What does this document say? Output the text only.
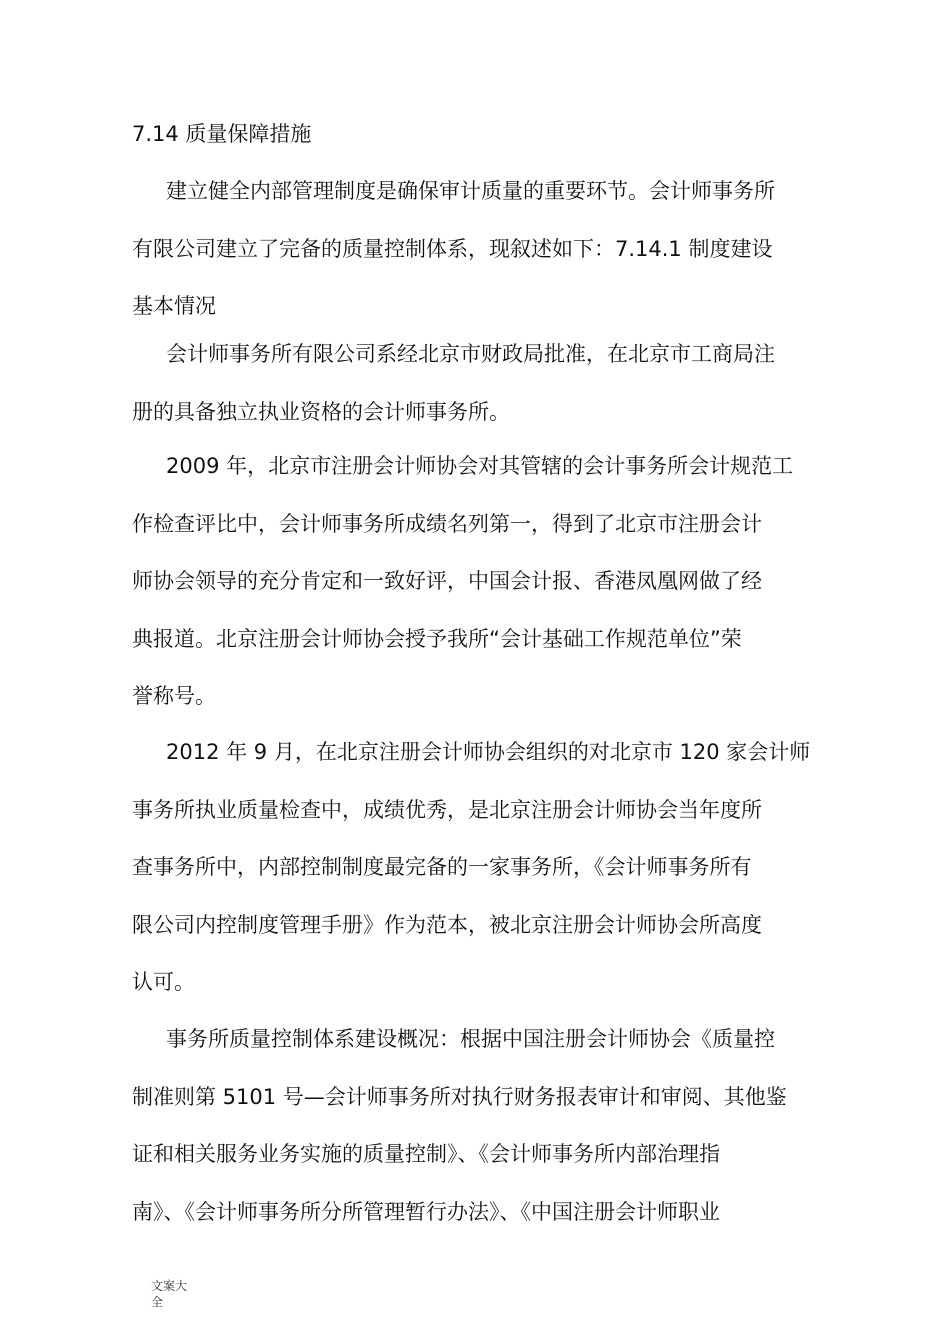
7.14 质量保障措施
建立健全内部管理制度是确保审计质量的重要环节。会计师事务所
有限公司建立了完备的质量控制体系，现叙述如下：7.14.1 制度建设
基本情况
会计师事务所有限公司系经北京市财政局批准，在北京市工商局注
册的具备独立执业资格的会计师事务所。
2009 年，北京市注册会计师协会对其管辖的会计事务所会计规范工
作检查评比中，会计师事务所成绩名列第一，得到了北京市注册会计
师协会领导的充分肯定和一致好评，中国会计报、香港凤凰网做了经
典报道。北京注册会计师协会授予我所“会计基础工作规范单位”荣
誉称号。
2012 年 9 月，在北京注册会计师协会组织的对北京市 120 家会计师
事务所执业质量检查中，成绩优秀，是北京注册会计师协会当年度所
查事务所中，内部控制制度最完备的一家事务所，《会计师事务所有
限公司内控制度管理手册》作为范本，被北京注册会计师协会所高度
认可。
事务所质量控制体系建设概况：根据中国注册会计师协会《质量控
制准则第 5101 号—会计师事务所对执行财务报表审计和审阅、其他鉴
证和相关服务业务实施的质量控制》、《会计师事务所内部治理指
南》、《会计师事务所分所管理暂行办法》、《中国注册会计师职业
文案大
全
